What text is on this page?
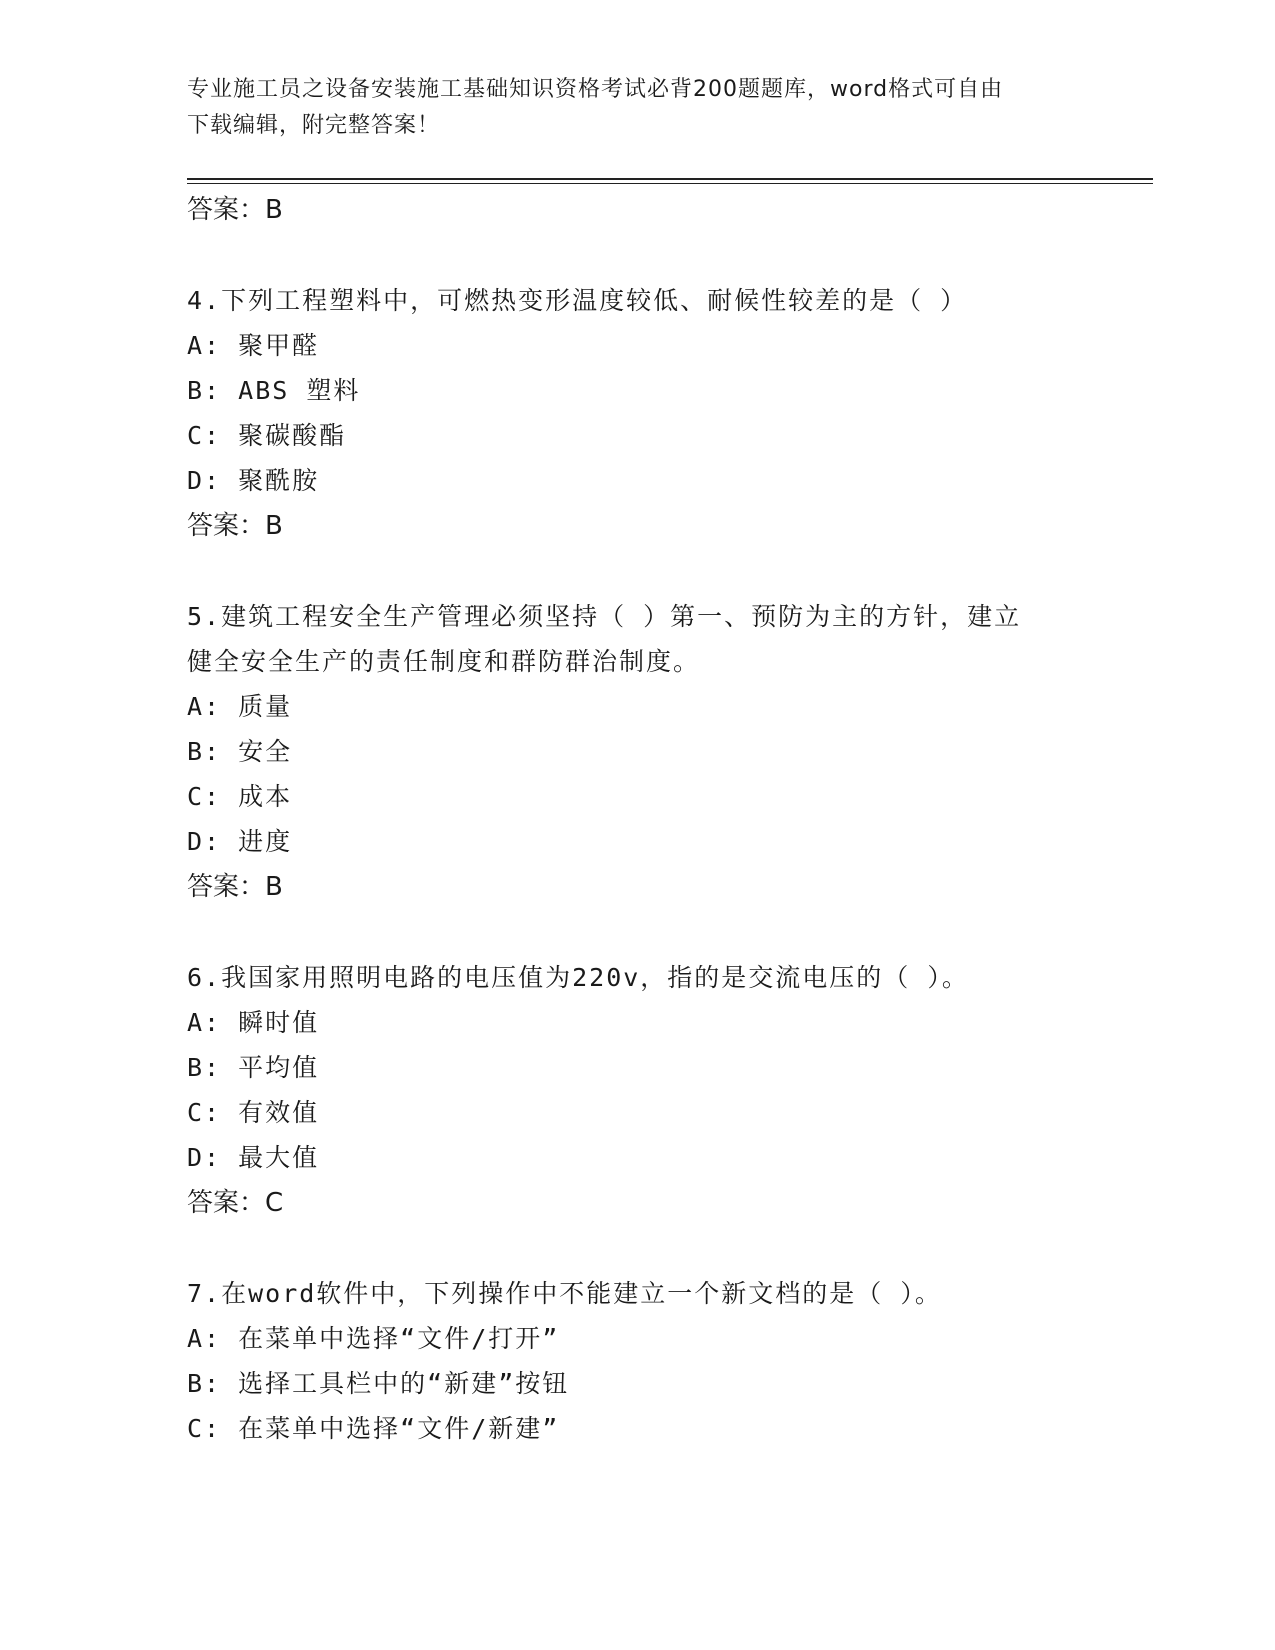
专业施工员之设备安装施工基础知识资格考试必背200题题库，word格式可自由
下载编辑，附完整答案！
答案：B
4.下列工程塑料中，可燃热变形温度较低、耐候性较差的是（ ）
A: 聚甲醛
B: ABS 塑料
C: 聚碳酸酯
D: 聚酰胺
答案：B
5.建筑工程安全生产管理必须坚持（ ）第一、预防为主的方针，建立
健全安全生产的责任制度和群防群治制度。
A: 质量
B: 安全
C: 成本
D: 进度
答案：B
6.我国家用照明电路的电压值为220v，指的是交流电压的（ ）。
A: 瞬时值
B: 平均值
C: 有效值
D: 最大值
答案：C
7.在word软件中，下列操作中不能建立一个新文档的是（ ）。
A: 在菜单中选择“文件/打开”
B: 选择工具栏中的“新建”按钮
C: 在菜单中选择“文件/新建”
